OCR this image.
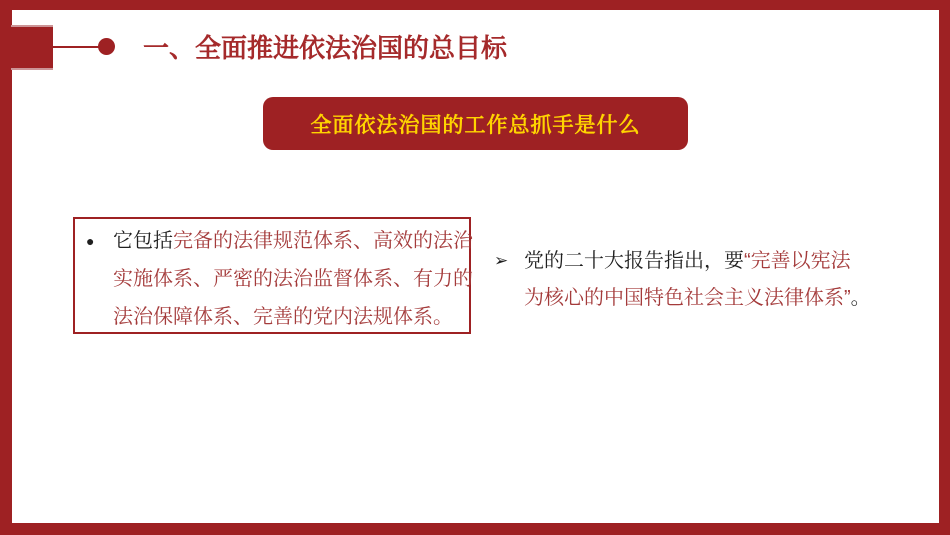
一、全面推进依法治国的总目标
全面依法治国的工作总抓手是什么
● 它包括完备的法律规范体系、高效的法治
实施体系、严密的法治监督体系、有力的
法治保障体系、完善的党内法规体系。
➢ 党的二十大报告指出，要“完善以宪法
为核心的中国特色社会主义法律体系”。
